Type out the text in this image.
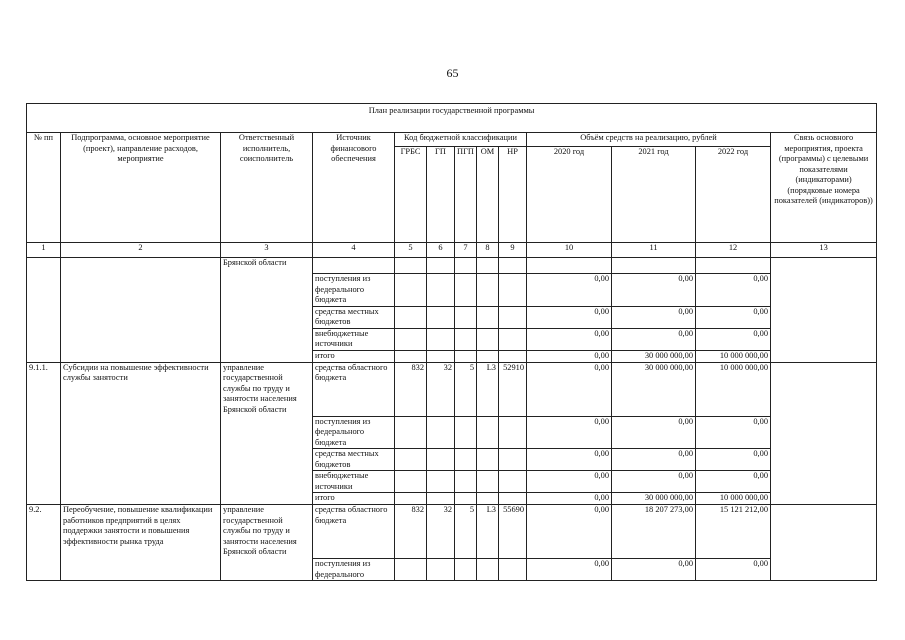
65
План реализации государственной программы												
№ пп	Подпрограмма, основное мероприятие (проект), направление расходов, мероприятие	Ответственный исполнитель, соисполнитель	Источник финансового обеспечения	Код бюджетной классификации					Объём средств на реализацию, рублей			Связь основного мероприятия, проекта (программы) с целевыми показателями (индикаторами) (порядковые номера показателей (индикаторов))
				ГРБС	ГП	ПГП	ОМ	НР	2020 год	2021 год	2022 год	
1	2	3	4	5	6	7	8	9	10	11	12	13
		Брянской области										
			поступления из федерального бюджета						0,00	0,00	0,00	
			средства местных бюджетов						0,00	0,00	0,00	
			внебюджетные источники						0,00	0,00	0,00	
			итого						0,00	30 000 000,00	10 000 000,00	
9.1.1.	Субсидии на повышение эффективности службы занятости	управление государственной службы по труду и занятости населения Брянской области	средства областного бюджета	832	32	5	L3	52910	0,00	30 000 000,00	10 000 000,00	
			поступления из федерального бюджета						0,00	0,00	0,00	
			средства местных бюджетов						0,00	0,00	0,00	
			внебюджетные источники						0,00	0,00	0,00	
			итого						0,00	30 000 000,00	10 000 000,00	
9.2.	Переобучение, повышение квалификации работников предприятий в целях поддержки занятости и повышения эффективности рынка труда	управление государственной службы по труду и занятости населения Брянской области	средства областного бюджета	832	32	5	L3	55690	0,00	18 207 273,00	15 121 212,00	
			поступления из федерального						0,00	0,00	0,00	
